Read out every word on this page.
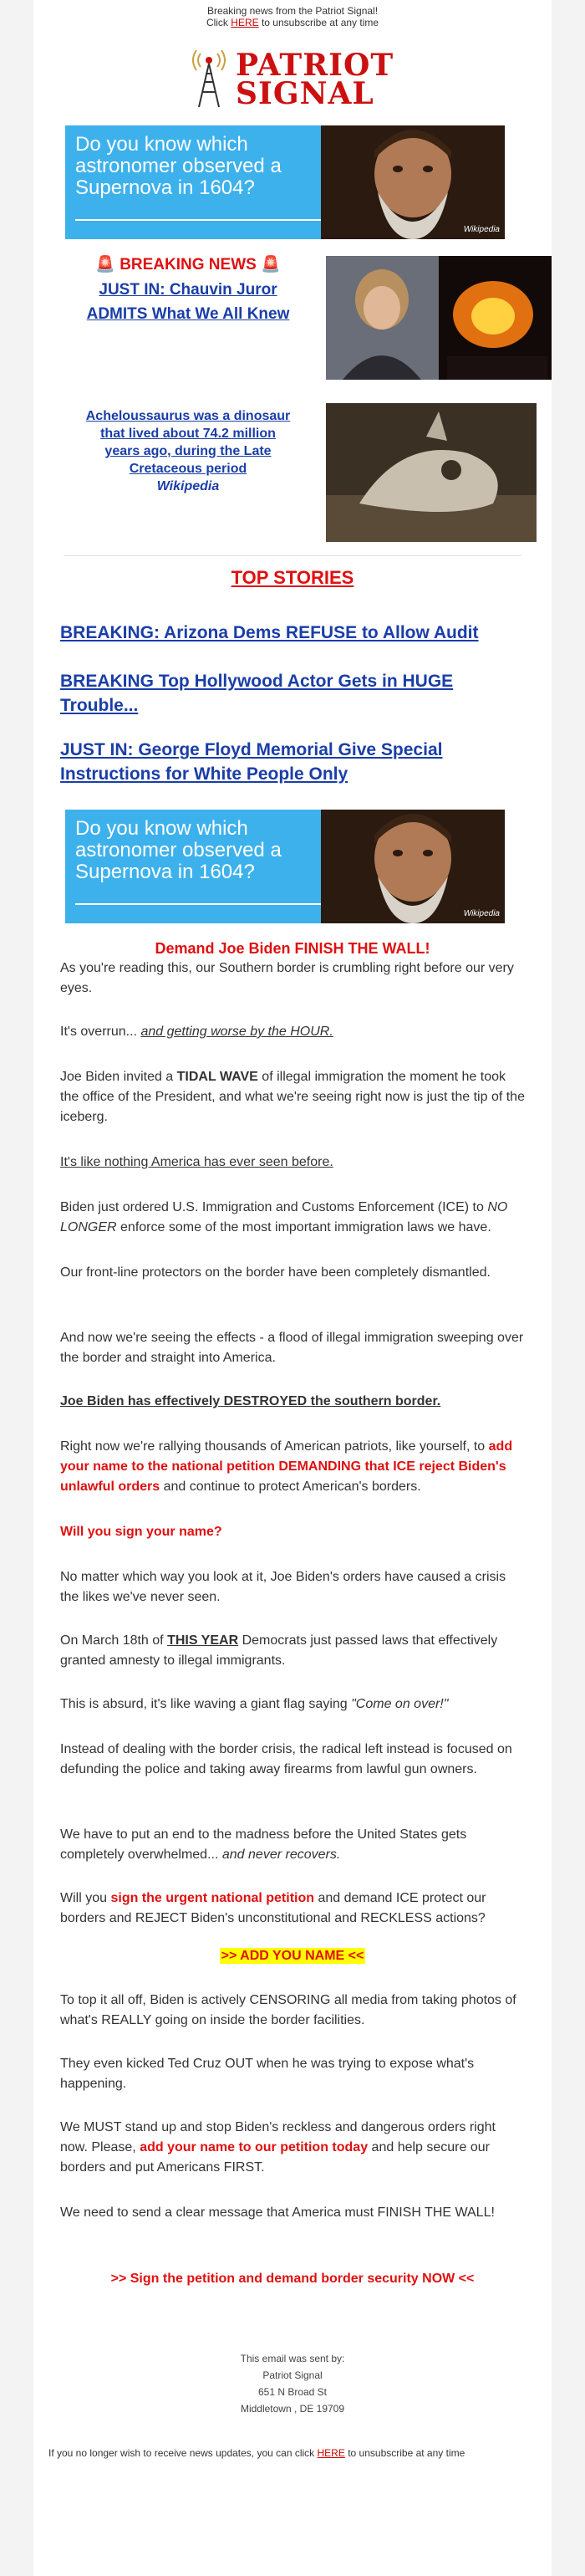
Breaking news from the Patriot Signal!
Click HERE to unsubscribe at any time
PATRIOT
SIGNAL
Do you know which astronomer observed a Supernova in 1604?
Wikipedia
🚨 BREAKING NEWS 🚨
JUST IN: Chauvin Juror ADMITS What We All Knew
Acheloussaurus was a dinosaur that lived about 74.2 million years ago, during the Late Cretaceous period
Wikipedia
TOP STORIES
BREAKING: Arizona Dems REFUSE to Allow Audit
BREAKING Top Hollywood Actor Gets in HUGE Trouble...
JUST IN: George Floyd Memorial Give Special Instructions for White People Only
Do you know which astronomer observed a Supernova in 1604?
Wikipedia
Demand Joe Biden FINISH THE WALL!
As you're reading this, our Southern border is crumbling right before our very eyes.
It's overrun... and getting worse by the HOUR.
Joe Biden invited a TIDAL WAVE of illegal immigration the moment he took the office of the President, and what we're seeing right now is just the tip of the iceberg.
It's like nothing America has ever seen before.
Biden just ordered U.S. Immigration and Customs Enforcement (ICE) to NO LONGER enforce some of the most important immigration laws we have.
Our front-line protectors on the border have been completely dismantled.
And now we're seeing the effects - a flood of illegal immigration sweeping over the border and straight into America.
Joe Biden has effectively DESTROYED the southern border.
Right now we're rallying thousands of American patriots, like yourself, to add your name to the national petition DEMANDING that ICE reject Biden's unlawful orders and continue to protect American's borders.
Will you sign your name?
No matter which way you look at it, Joe Biden's orders have caused a crisis the likes we've never seen.
On March 18th of THIS YEAR Democrats just passed laws that effectively granted amnesty to illegal immigrants.
This is absurd, it's like waving a giant flag saying "Come on over!"
Instead of dealing with the border crisis, the radical left instead is focused on defunding the police and taking away firearms from lawful gun owners.
We have to put an end to the madness before the United States gets completely overwhelmed... and never recovers.
Will you sign the urgent national petition and demand ICE protect our borders and REJECT Biden's unconstitutional and RECKLESS actions?
>> ADD YOU NAME <<
To top it all off, Biden is actively CENSORING all media from taking photos of what's REALLY going on inside the border facilities.
They even kicked Ted Cruz OUT when he was trying to expose what's happening.
We MUST stand up and stop Biden's reckless and dangerous orders right now. Please, add your name to our petition today and help secure our borders and put Americans FIRST.
We need to send a clear message that America must FINISH THE WALL!
>> Sign the petition and demand border security NOW <<
This email was sent by:
Patriot Signal
651 N Broad St
Middletown , DE 19709
If you no longer wish to receive news updates, you can click HERE to unsubscribe at any time
